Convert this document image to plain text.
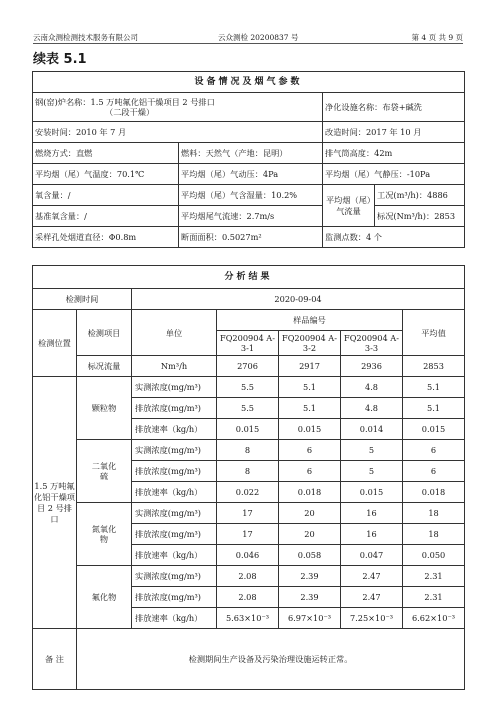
云南众测检测技术服务有限公司	云众测检 20200837 号	第 4 页 共 9 页
续表 5.1
设备情况及烟气参数			

钢(窑)炉名称：1.5 万吨氟化铝干燥项目 2 号排口
（二段干燥）		净化设施名称：布袋+碱洗	
安装时间：2010 年 7 月		改造时间：2017 年 10 月	
燃烧方式：直燃	燃料：天然气（产地：昆明）	排气筒高度：42m	
平均烟（尾）气温度：70.1℃	平均烟（尾）气动压：4Pa	平均烟（尾）气静压：-10Pa	
氧含量：/	平均烟（尾）气含湿量：10.2%	平均烟（尾）气流量	工况(m³/h)：4886
基准氧含量：/	平均烟尾气流速：2.7m/s		标况(Nm³/h)：2853
采样孔处烟道直径：Φ0.8m	断面面积：0.5027m²	监测点数：4 个	
分析结果						
检测时间		2020-09-04				
检测位置	检测项目	单位	样品编号			平均值
			FQ200904 A-3-1	FQ200904 A-3-2	FQ200904 A-3-3	
	标况流量	Nm³/h	2706	2917	2936	2853
1.5 万吨氟化铝干燥项目 2 号排口	颗粒物	实测浓度(mg/m³)	5.5	5.1	4.8	5.1
		排放浓度(mg/m³)	5.5	5.1	4.8	5.1
		排放速率（kg/h）	0.015	0.015	0.014	0.015
	二氧化硫	实测浓度(mg/m³)	8	6	5	6
		排放浓度(mg/m³)	8	6	5	6
		排放速率（kg/h）	0.022	0.018	0.015	0.018
	氮氧化物	实测浓度(mg/m³)	17	20	16	18
		排放浓度(mg/m³)	17	20	16	18
		排放速率（kg/h）	0.046	0.058	0.047	0.050
	氟化物	实测浓度(mg/m³)	2.08	2.39	2.47	2.31
		排放浓度(mg/m³)	2.08	2.39	2.47	2.31
		排放速率（kg/h）	5.63×10⁻³	6.97×10⁻³	7.25×10⁻³	6.62×10⁻³
备 注	检测期间生产设备及污染治理设施运转正常。					
